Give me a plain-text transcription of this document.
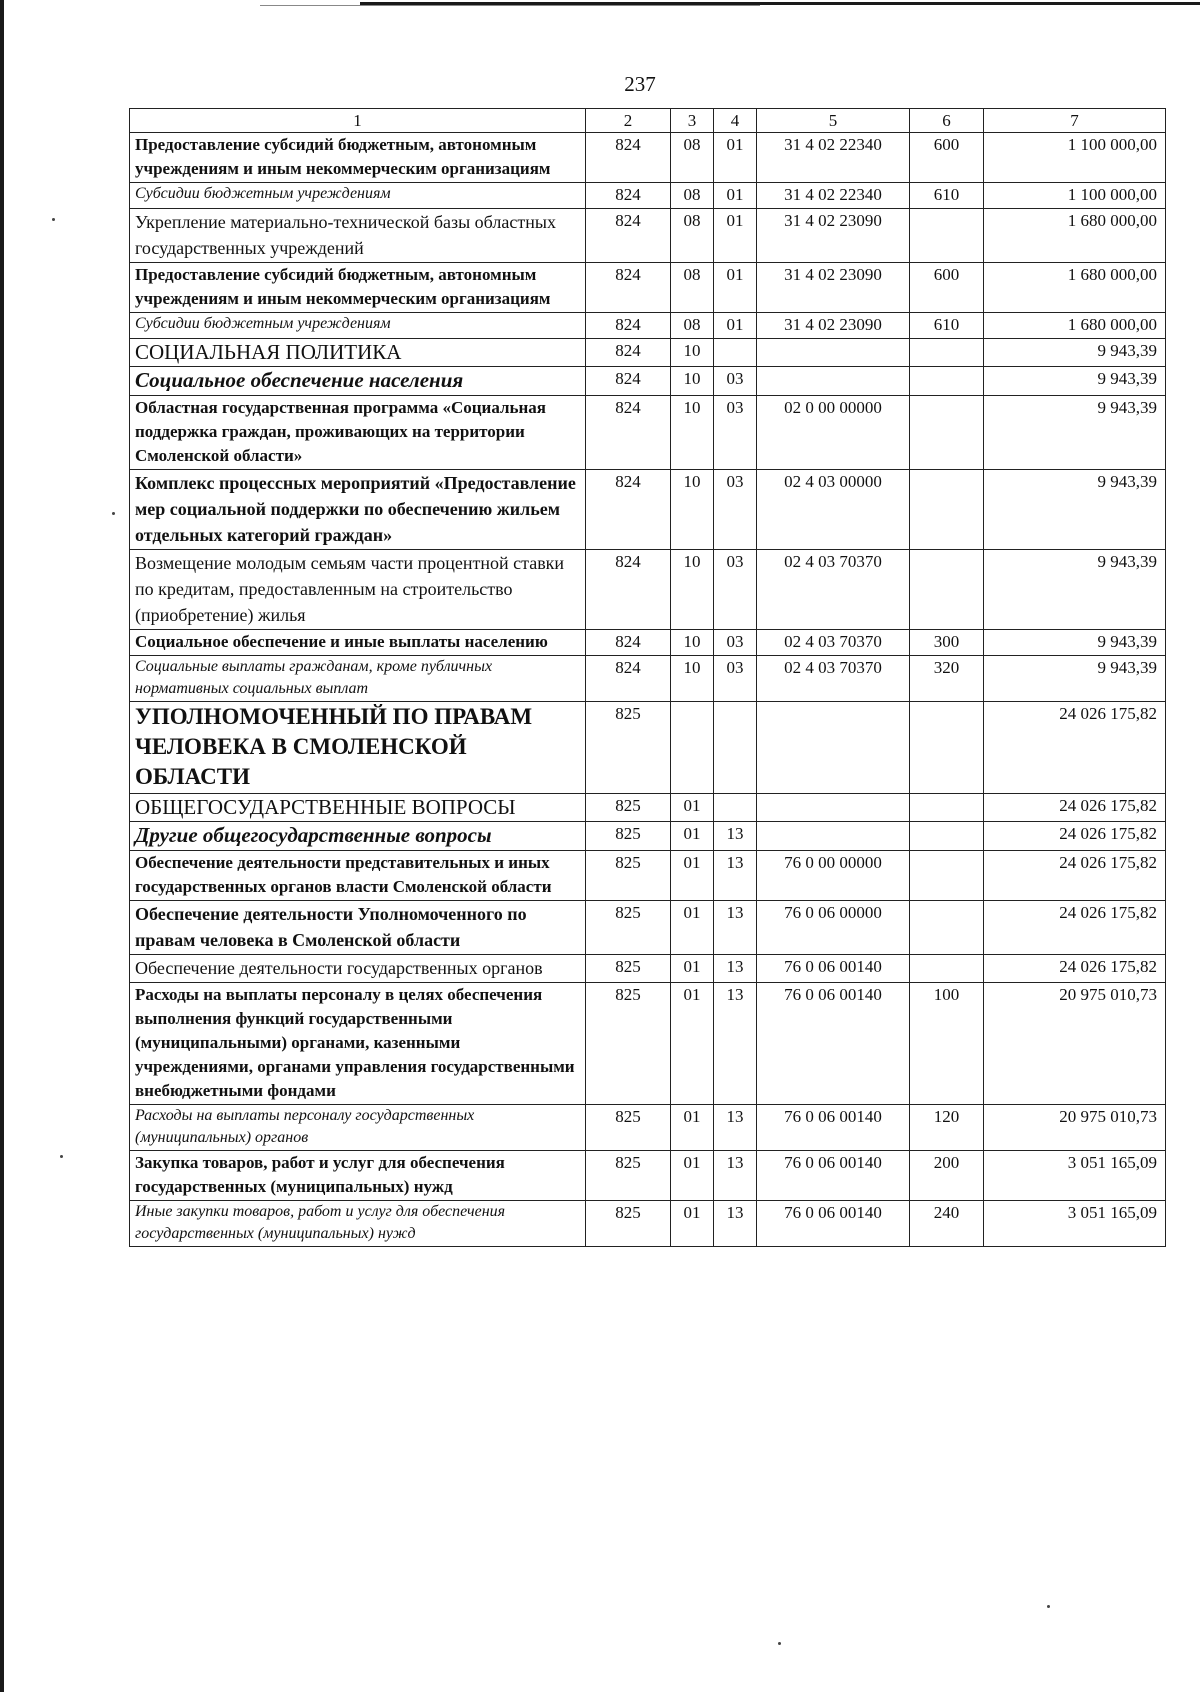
237
1	2	3	4	5	6	7
Предоставление субсидий бюджетным, автономным учреждениям и иным некоммерческим организациям	824	08	01	31 4 02 22340	600	1 100 000,00
Субсидии бюджетным учреждениям	824	08	01	31 4 02 22340	610	1 100 000,00
Укрепление материально-технической базы областных государственных учреждений	824	08	01	31 4 02 23090		1 680 000,00
Предоставление субсидий бюджетным, автономным учреждениям и иным некоммерческим организациям	824	08	01	31 4 02 23090	600	1 680 000,00
Субсидии бюджетным учреждениям	824	08	01	31 4 02 23090	610	1 680 000,00
СОЦИАЛЬНАЯ ПОЛИТИКА	824	10				9 943,39
Социальное обеспечение населения	824	10	03			9 943,39
Областная государственная программа «Социальная поддержка граждан, проживающих на территории Смоленской области»	824	10	03	02 0 00 00000		9 943,39
Комплекс процессных мероприятий «Предоставление мер социальной поддержки по обеспечению жильем отдельных категорий граждан»	824	10	03	02 4 03 00000		9 943,39
Возмещение молодым семьям части процентной ставки по кредитам, предоставленным на строительство (приобретение) жилья	824	10	03	02 4 03 70370		9 943,39
Социальное обеспечение и иные выплаты населению	824	10	03	02 4 03 70370	300	9 943,39
Социальные выплаты гражданам, кроме публичных нормативных социальных выплат	824	10	03	02 4 03 70370	320	9 943,39
УПОЛНОМОЧЕННЫЙ ПО ПРАВАМ ЧЕЛОВЕКА В СМОЛЕНСКОЙ ОБЛАСТИ	825					24 026 175,82
ОБЩЕГОСУДАРСТВЕННЫЕ ВОПРОСЫ	825	01				24 026 175,82
Другие общегосударственные вопросы	825	01	13			24 026 175,82
Обеспечение деятельности представительных и иных государственных органов власти Смоленской области	825	01	13	76 0 00 00000		24 026 175,82
Обеспечение деятельности Уполномоченного по правам человека в Смоленской области	825	01	13	76 0 06 00000		24 026 175,82
Обеспечение деятельности государственных органов	825	01	13	76 0 06 00140		24 026 175,82
Расходы на выплаты персоналу в целях обеспечения выполнения функций государственными (муниципальными) органами, казенными учреждениями, органами управления государственными внебюджетными фондами	825	01	13	76 0 06 00140	100	20 975 010,73
Расходы на выплаты персоналу государственных (муниципальных) органов	825	01	13	76 0 06 00140	120	20 975 010,73
Закупка товаров, работ и услуг для обеспечения государственных (муниципальных) нужд	825	01	13	76 0 06 00140	200	3 051 165,09
Иные закупки товаров, работ и услуг для обеспечения государственных (муниципальных) нужд	825	01	13	76 0 06 00140	240	3 051 165,09
